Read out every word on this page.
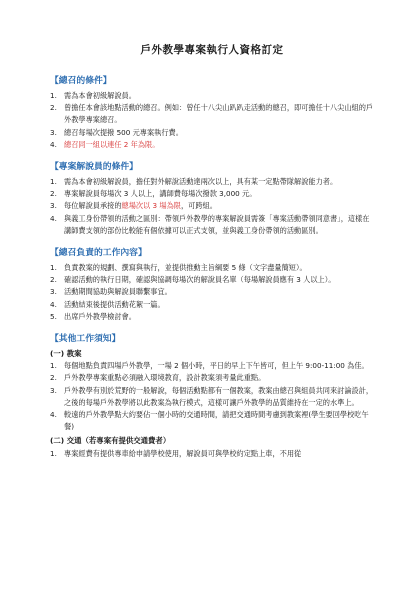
戶外教學專案執行人資格訂定
【總召的條件】
1. 需為本會初級解說員。
2. 曾擔任本會該地點活動的總召。例如：曾任十八尖山趴趴走活動的總召，即可擔任十八尖山組的戶外教學專案總召。
3. 總召每場次提撥 500 元專案執行費。
4. 總召同一組以連任 2 年為限。
【專案解說員的條件】
1. 需為本會初級解說員，擔任對外解說活動達兩次以上，具有某一定點帶隊解說能力者。
2. 專案解說員每場次 3 人以上，講師費每場次撥款 3,000 元。
3. 每位解說員承接的總場次以 3 場為限，可跨組。
4. 與義工身份帶領的活動之區別：帶領戶外教學的專案解說員需簽「專案活動帶領同意書」，這樣在講師費支領的部份比較能有個依據可以正式支領，並與義工身份帶領的活動區別。
【總召負責的工作內容】
1. 負責教案的規劃、撰寫與執行，並提供推動主旨綱要 5 條（文字盡量簡短）。
2. 確認活動的執行日期，確認與協調每場次的解說員名單（每場解說員應有 3 人以上）。
3. 活動期間協助與解說員聯繫事宜。
4. 活動結束後提供活動花絮一篇。
5. 出席戶外教學檢討會。
【其他工作須知】
(一) 教案
1. 每個地點負責四場戶外教學，一場 2 個小時，平日的早上下午皆可，但上午 9:00-11:00 為佳。
2. 戶外教學專案重點必須融入環境教育，設計教案須考量此重點。
3. 戶外教學有別於荒野的一般解說，每個活動點都有一個教案，教案由總召與組員共同來討論設計，之後的每場戶外教學將以此教案為執行模式，這樣可讓戶外教學的品質維持在一定的水準上。
4. 較遠的戶外教學點大約要佔一個小時的交通時間，請把交通時間考慮到教案裡(學生要回學校吃午餐)
(二) 交通（若專案有提供交通費者）
1. 專案經費有提供專車給申請學校使用，解說員可與學校約定點上車，不用從
